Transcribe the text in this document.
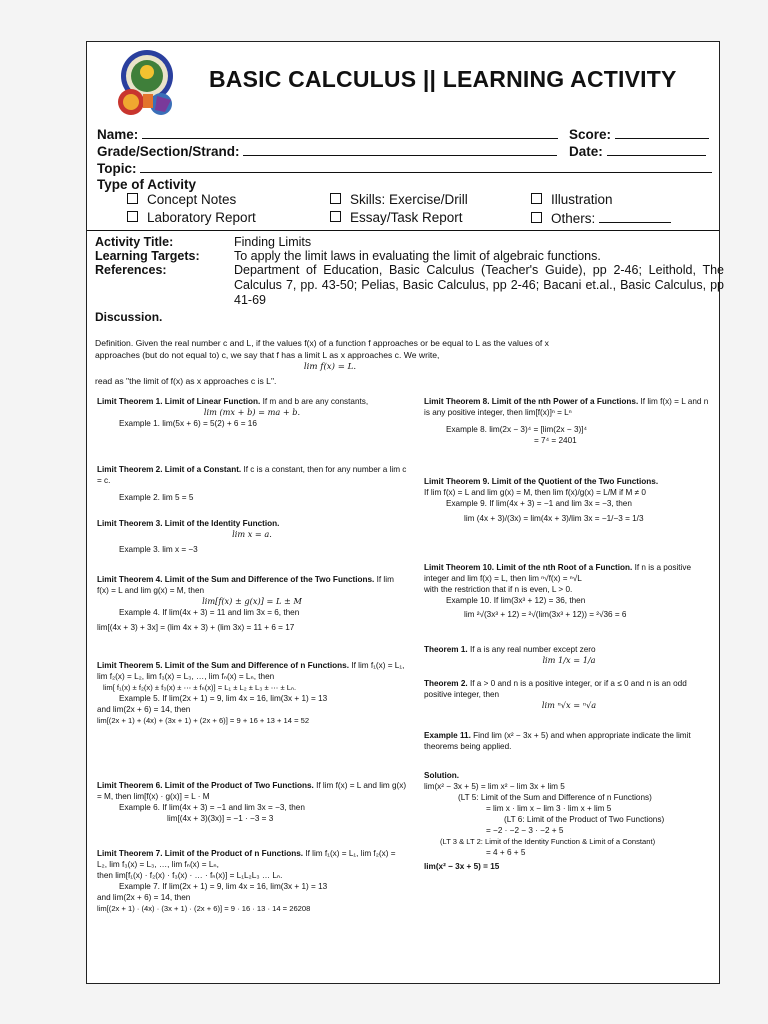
BASIC CALCULUS || LEARNING ACTIVITY
Name:	Score:
Grade/Section/Strand:	Date:
Topic:
Type of Activity
Concept Notes	Skills: Exercise/Drill	Illustration
Laboratory Report	Essay/Task Report	Others:
Activity Title:	Finding Limits
Learning Targets:	To apply the limit laws in evaluating the limit of algebraic functions.
References:	Department of Education, Basic Calculus (Teacher's Guide), pp 2-46; Leithold, The Calculus 7, pp. 43-50; Pelias, Basic Calculus, pp 2-46; Bacani et.al., Basic Calculus, pp 41-69
Discussion.
Definition. Given the real number c and L, if the values f(x) of a function f approaches or be equal to L as the values of x
approaches (but do not equal to) c, we say that f has a limit L as x approaches c. We write,
lim f(x) = L.
read as "the limit of f(x) as x approaches c is L".
Limit Theorem 1. Limit of Linear Function. If m and b are any constants,
lim (mx + b) = ma + b.
Example 1. lim(5x + 6) = 5(2) + 6 = 16
Limit Theorem 2. Limit of a Constant. If c is a constant, then for any number a lim c = c.
Example 2. lim 5 = 5
Limit Theorem 3. Limit of the Identity Function.
lim x = a.
Example 3. lim x = −3
Limit Theorem 4. Limit of the Sum and Difference of the Two Functions. If lim f(x) = L and lim g(x) = M, then
lim[f(x) ± g(x)] = L ± M
Example 4. If lim(4x + 3) = 11 and lim 3x = 6, then
lim[(4x + 3) + 3x] = (lim 4x + 3) + (lim 3x) = 11 + 6 = 17
Limit Theorem 5. Limit of the Sum and Difference of n Functions. If lim f₁(x) = L₁, lim f₂(x) = L₂, lim f₃(x) = L₃, …, lim fₙ(x) = Lₙ, then
lim[ f₁(x) ± f₂(x) ± f₃(x) ± ⋯ ± fₙ(x)] = L₁ ± L₂ ± L₃ ± ⋯ ± Lₙ.
Example 5. If lim(2x + 1) = 9, lim 4x = 16, lim(3x + 1) = 13
and lim(2x + 6) = 14, then
lim[(2x + 1) + (4x) + (3x + 1) + (2x + 6)] = 9 + 16 + 13 + 14 = 52
Limit Theorem 6. Limit of the Product of Two Functions. If lim f(x) = L and lim g(x) = M, then lim[f(x) · g(x)] = L · M
Example 6. If lim(4x + 3) = −1 and lim 3x = −3, then
lim[(4x + 3)(3x)] = −1 · −3 = 3
Limit Theorem 7. Limit of the Product of n Functions. If lim f₁(x) = L₁, lim f₂(x) = L₂, lim f₃(x) = L₃, …, lim fₙ(x) = Lₙ,
then lim[f₁(x) · f₂(x) · f₃(x) · … · fₙ(x)] = L₁L₂L₃ … Lₙ.
Example 7. If lim(2x + 1) = 9, lim 4x = 16, lim(3x + 1) = 13
and lim(2x + 6) = 14, then
lim[(2x + 1) · (4x) · (3x + 1) · (2x + 6)] = 9 · 16 · 13 · 14 = 26208
Limit Theorem 8. Limit of the nth Power of a Functions. If lim f(x) = L and n is any positive integer, then lim[f(x)]ⁿ = Lⁿ
Example 8. lim(2x − 3)⁴ = [lim(2x − 3)]⁴
= 7⁴ = 2401
Limit Theorem 9. Limit of the Quotient of the Two Functions.
If lim f(x) = L and lim g(x) = M, then lim f(x)/g(x) = L/M if M ≠ 0
Example 9. If lim(4x + 3) = −1 and lim 3x = −3, then
lim (4x + 3)/(3x) = lim(4x + 3)/lim 3x = −1/−3 = 1/3
Limit Theorem 10. Limit of the nth Root of a Function. If n is a positive integer and lim f(x) = L, then lim ⁿ√f(x) = ⁿ√L
with the restriction that if n is even, L > 0.
Example 10. If lim(3x³ + 12) = 36, then
lim ²√(3x³ + 12) = ²√(lim(3x³ + 12)) = ²√36 = 6
Theorem 1. If a is any real number except zero
lim 1/x = 1/a
Theorem 2. If a > 0 and n is a positive integer, or if a ≤ 0 and n is an odd positive integer, then
lim ⁿ√x = ⁿ√a
Example 11. Find lim (x² − 3x + 5) and when appropriate indicate the limit theorems being applied.
Solution.
lim(x² − 3x + 5) = lim x² − lim 3x + lim 5
(LT 5: Limit of the Sum and Difference of n Functions)
= lim x · lim x − lim 3 · lim x + lim 5
(LT 6: Limit of the Product of Two Functions)
= −2 · −2 − 3 · −2 + 5
(LT 3 & LT 2: Limit of the Identity Function & Limit of a Constant)
= 4 + 6 + 5
lim(x² − 3x + 5) = 15
